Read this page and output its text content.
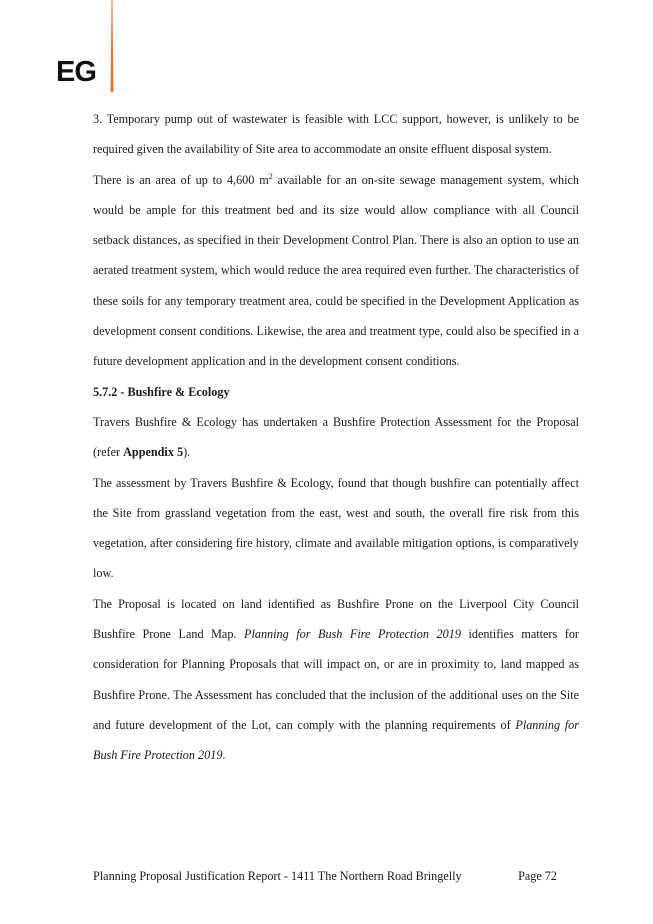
EG

3. Temporary pump out of wastewater is feasible with LCC support, however, is unlikely to be required given the availability of Site area to accommodate an onsite effluent disposal system.

There is an area of up to 4,600 $m^2$ available for an on-site sewage management system, which would be ample for this treatment bed and its size would allow compliance with all Council setback distances, as specified in their Development Control Plan. There is also an option to use an aerated treatment system, which would reduce the area required even further. The characteristics of these soils for any temporary treatment area, could be specified in the Development Application as development consent conditions. Likewise, the area and treatment type, could also be specified in a future development application and in the development consent conditions.

5.7.2 - Bushfire & Ecology

Travers Bushfire & Ecology has undertaken a Bushfire Protection Assessment for the Proposal (refer Appendix 5).

The assessment by Travers Bushfire & Ecology, found that though bushfire can potentially affect the Site from grassland vegetation from the east, west and south, the overall fire risk from this vegetation, after considering fire history, climate and available mitigation options, is comparatively low.

The Proposal is located on land identified as Bushfire Prone on the Liverpool City Council Bushfire Prone Land Map. Planning for Bush Fire Protection 2019 identifies matters for consideration for Planning Proposals that will impact on, or are in proximity to, land mapped as Bushfire Prone. The Assessment has concluded that the inclusion of the additional uses on the Site and future development of the Lot, can comply with the planning requirements of Planning for Bush Fire Protection 2019.

Planning Proposal Justification Report - 1411 The Northern Road Bringelly	Page 72
